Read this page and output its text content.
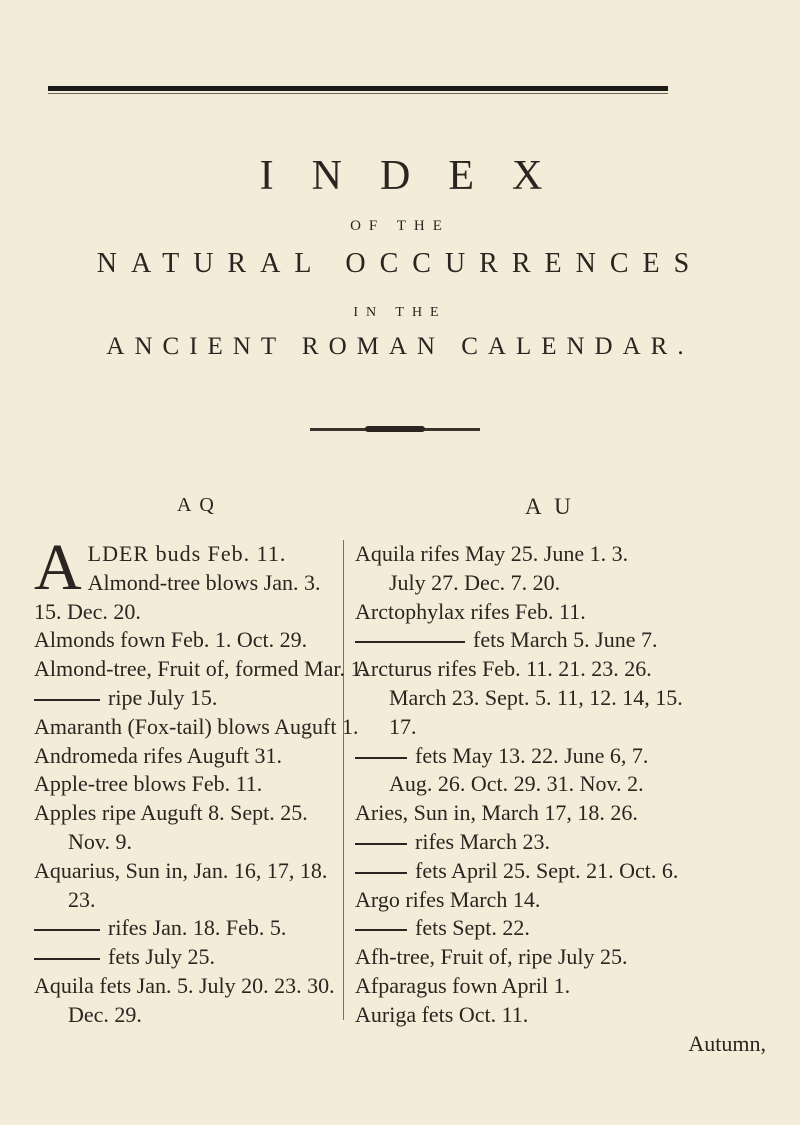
INDEX
OF THE
NATURAL OCCURRENCES
IN THE
ANCIENT ROMAN CALENDAR.
A Q	A U
A LDER buds Feb. 11.
Almond-tree blows Jan. 3.
15. Dec. 20.
Almonds fown Feb. 1. Oct. 29.
Almond-tree, Fruit of, formed Mar. 1.
ripe July 15.
Amaranth (Fox-tail) blows Auguft 1.
Andromeda rifes Auguft 31.
Apple-tree blows Feb. 11.
Apples ripe Auguft 8. Sept. 25.
Nov. 9.
Aquarius, Sun in, Jan. 16, 17, 18.
23.
rifes Jan. 18. Feb. 5.
fets July 25.
Aquila fets Jan. 5. July 20. 23. 30.
Dec. 29.
Aquila rifes May 25. June 1. 3.
July 27. Dec. 7. 20.
Arctophylax rifes Feb. 11.
fets March 5. June 7.
Arcturus rifes Feb. 11. 21. 23. 26.
March 23. Sept. 5. 11, 12. 14, 15.
17.
fets May 13. 22. June 6, 7.
Aug. 26. Oct. 29. 31. Nov. 2.
Aries, Sun in, March 17, 18. 26.
rifes March 23.
fets April 25. Sept. 21. Oct. 6.
Argo rifes March 14.
fets Sept. 22.
Afh-tree, Fruit of, ripe July 25.
Afparagus fown April 1.
Auriga fets Oct. 11.
Autumn,
